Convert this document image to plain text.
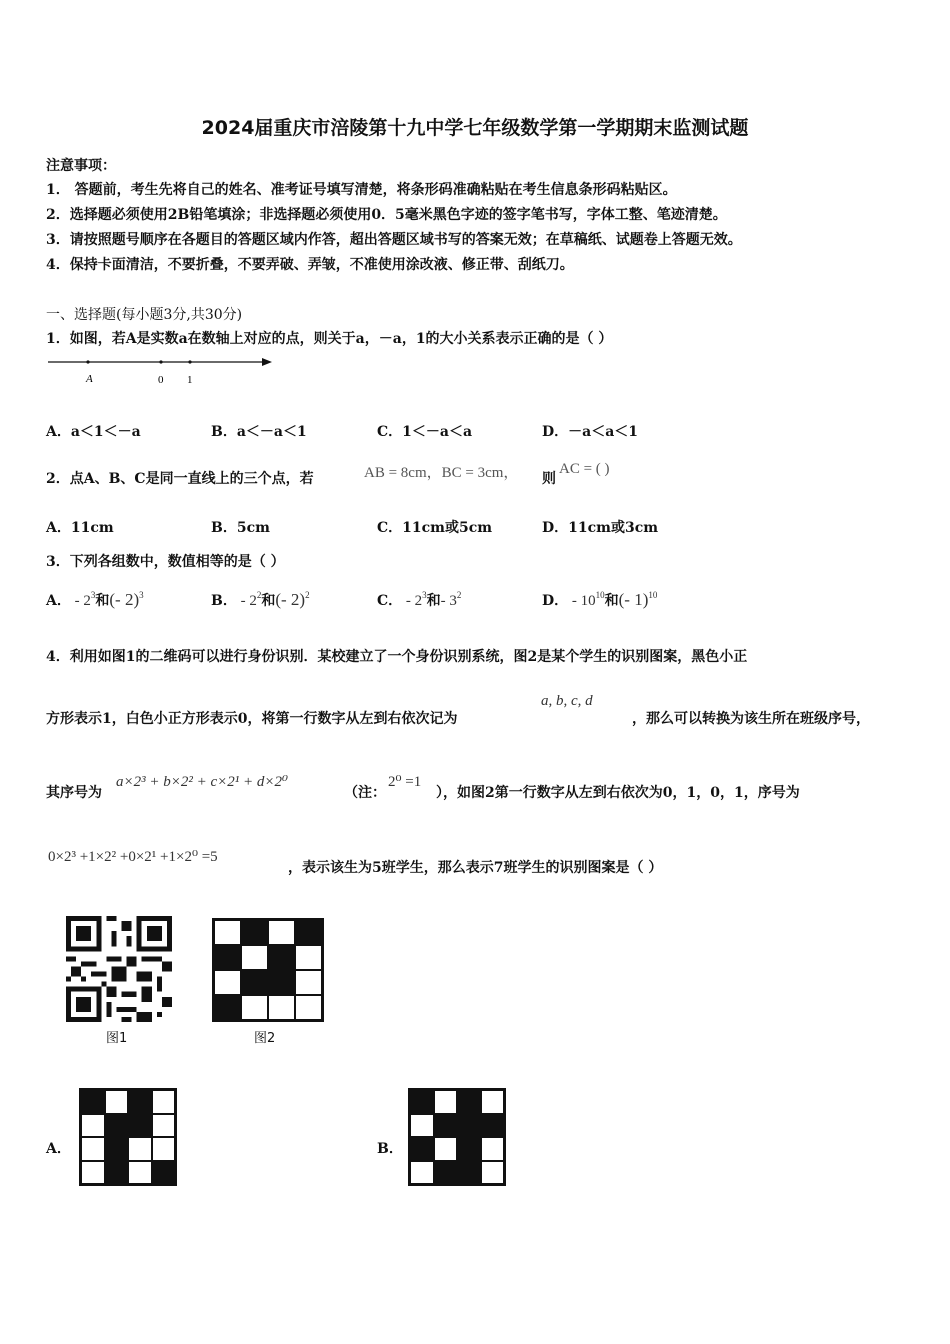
2024届重庆市涪陵第十九中学七年级数学第一学期期末监测试题
注意事项：
1． 答题前，考生先将自己的姓名、准考证号填写清楚，将条形码准确粘贴在考生信息条形码粘贴区。
2．选择题必须使用2B铅笔填涂；非选择题必须使用0．5毫米黑色字迹的签字笔书写，字体工整、笔迹清楚。
3．请按照题号顺序在各题目的答题区域内作答，超出答题区域书写的答案无效；在草稿纸、试题卷上答题无效。
4．保持卡面清洁，不要折叠，不要弄破、弄皱，不准使用涂改液、修正带、刮纸刀。
一、选择题(每小题3分,共30分)
1．如图，若A是实数a在数轴上对应的点，则关于a，－a，1的大小关系表示正确的是（ ）
A	0 1
A．a＜1＜－a	B．a＜－a＜1	C．1＜－a＜a	D．－a＜a＜1
2．点A、B、C是同一直线上的三个点，若	AB = 8cm，BC = 3cm， 则
AC = ( )
A．11cm	B．5cm	C．11cm或5cm	D．11cm或3cm
3．下列各组数中，数值相等的是（ ）
A． - $2^3$和(- 2)$^3$	B． - $2^2$和(- 2)$^2$	C． - $2^3$和- $3^2$	D． - $10^{10}$和(- 1)$^{10}$
4．利用如图1的二维码可以进行身份识别．某校建立了一个身份识别系统，图2是某个学生的识别图案，黑色小正
方形表示1，白色小正方形表示0，将第一行数字从左到右依次记为
a, b, c, d
，那么可以转换为该生所在班级序号，
其序号为
a×2³ + b×2² + c×2¹ + d×2⁰
（注：
2⁰ =1
），如图2第一行数字从左到右依次为0，1，0，1，序号为
0×2³ +1×2² +0×2¹ +1×2⁰ =5
，表示该生为5班学生，那么表示7班学生的识别图案是（ ）
图1	图2
A．	B．
